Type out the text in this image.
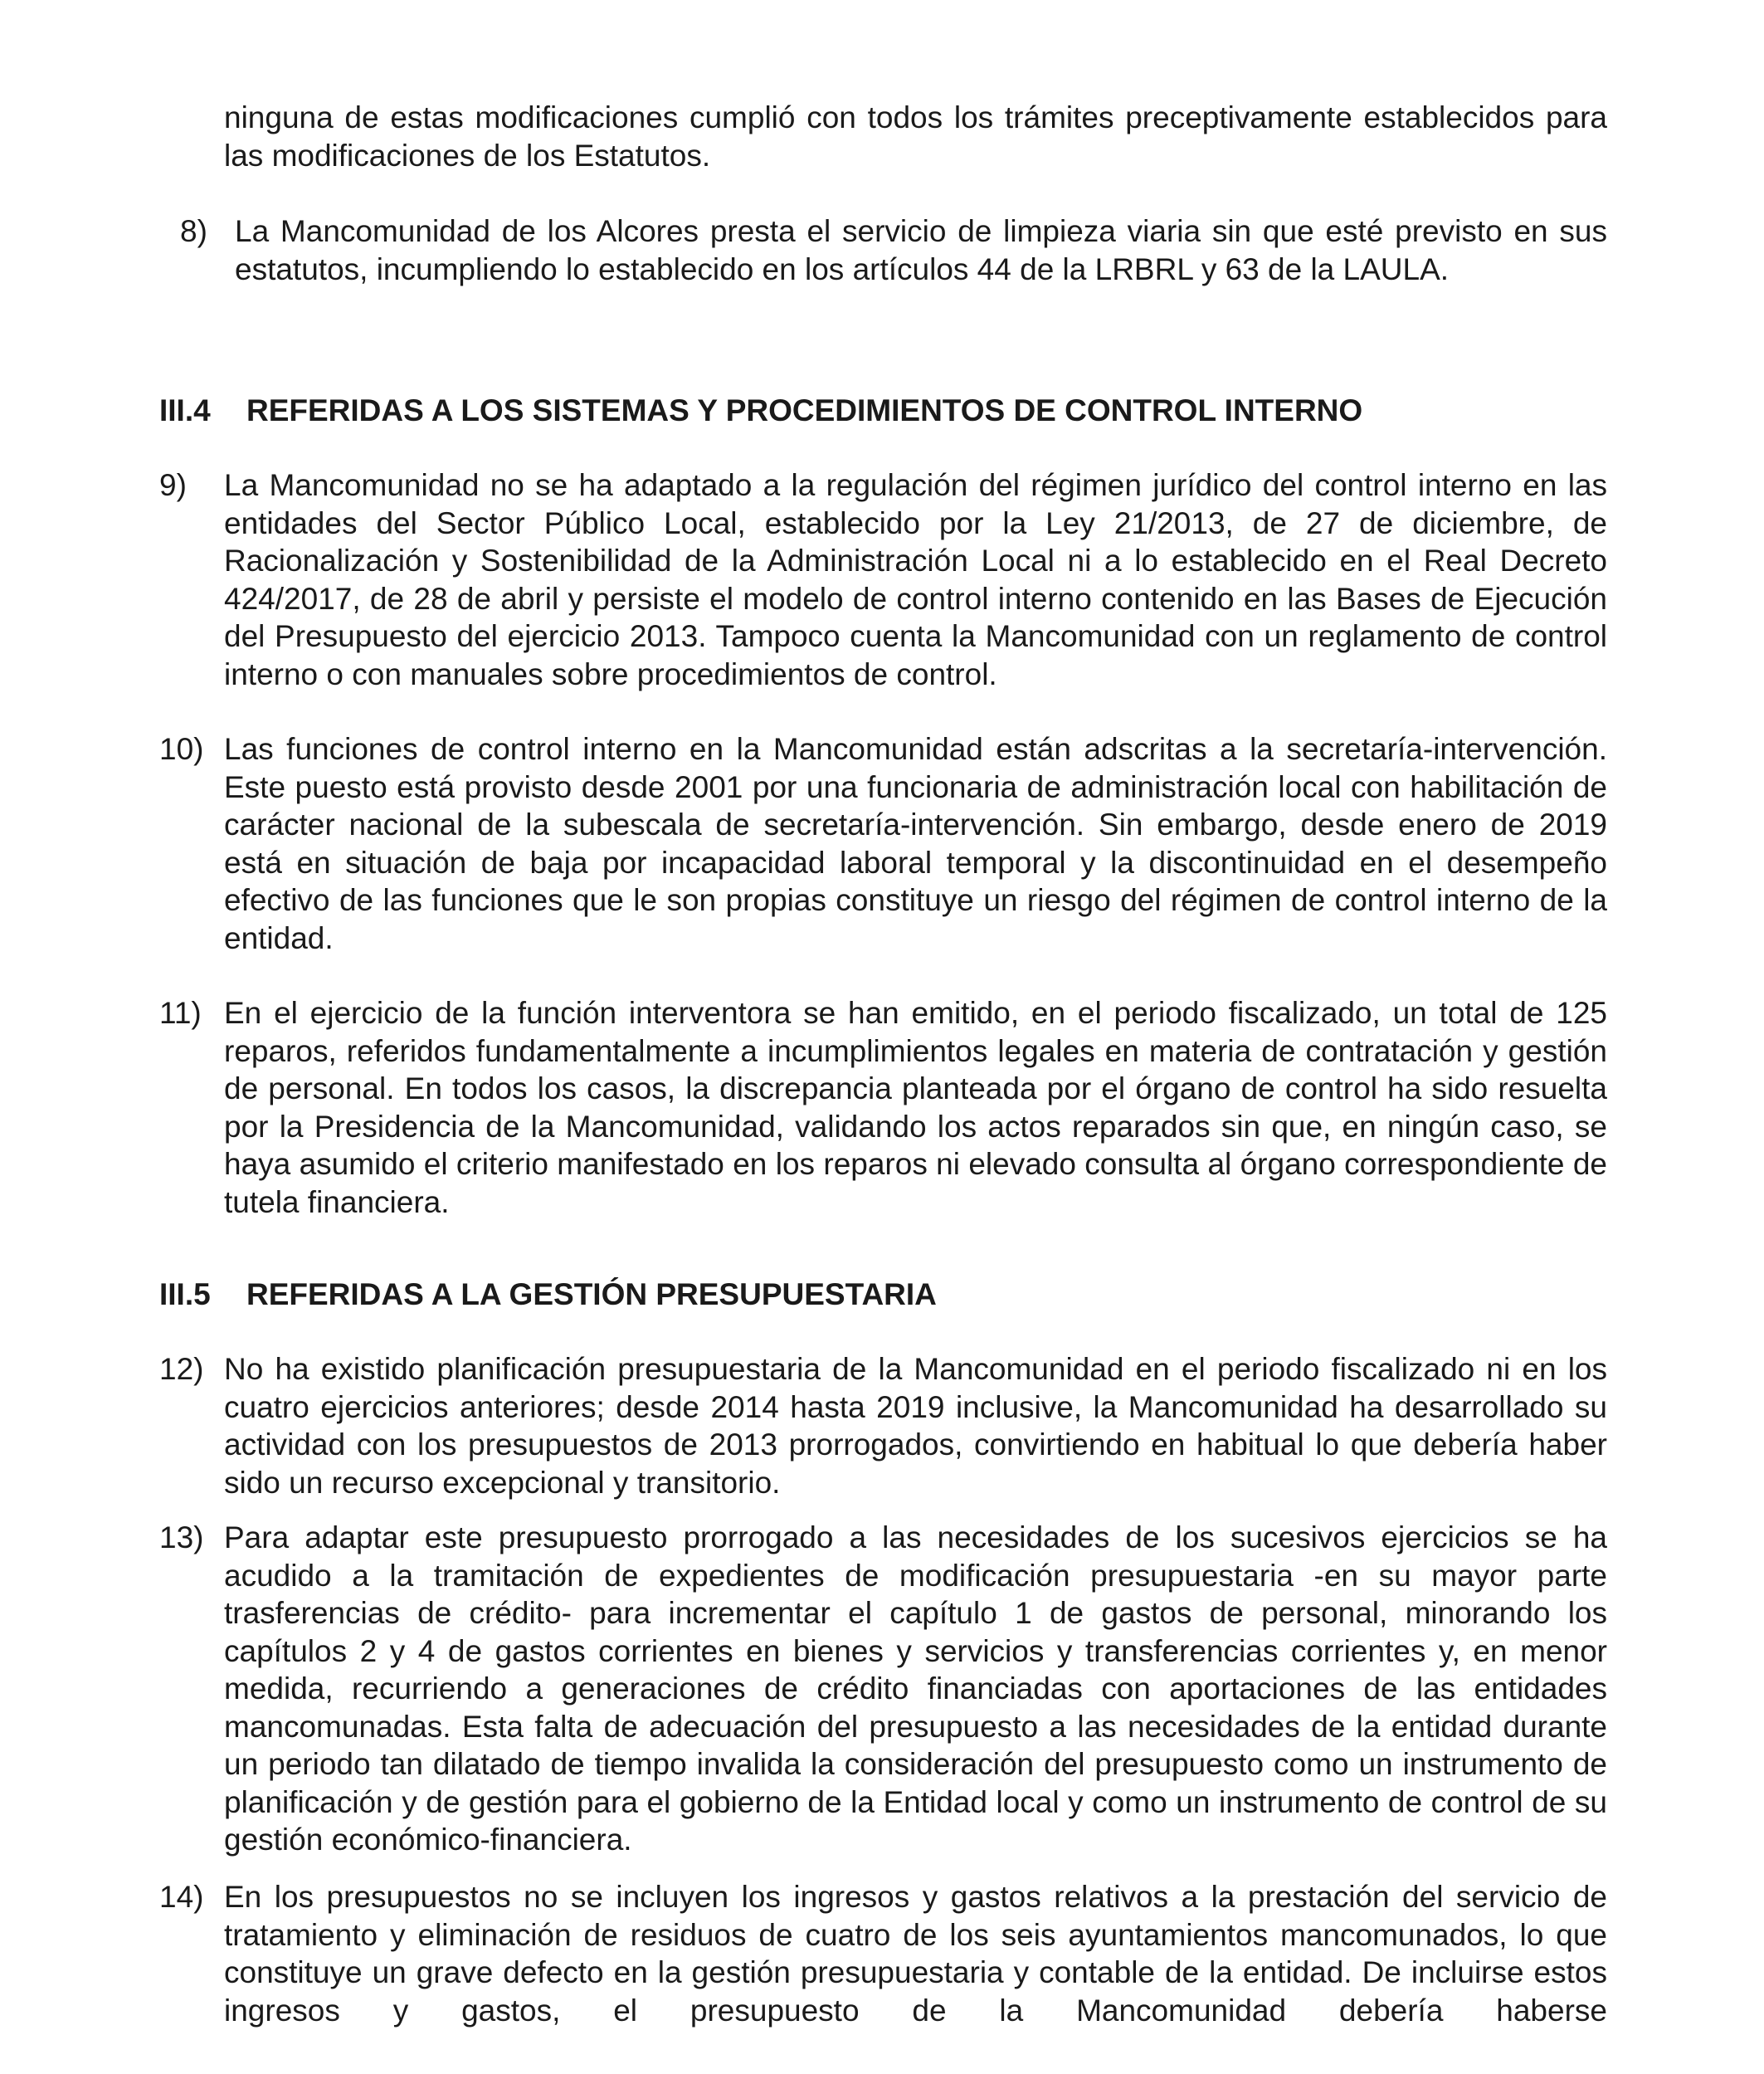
ninguna de estas modificaciones cumplió con todos los trámites preceptivamente establecidos para las modificaciones de los Estatutos.
8) La Mancomunidad de los Alcores presta el servicio de limpieza viaria sin que esté previsto en sus estatutos, incumpliendo lo establecido en los artículos 44 de la LRBRL y 63 de la LAULA.
III.4 REFERIDAS A LOS SISTEMAS Y PROCEDIMIENTOS DE CONTROL INTERNO
9) La Mancomunidad no se ha adaptado a la regulación del régimen jurídico del control interno en las entidades del Sector Público Local, establecido por la Ley 21/2013, de 27 de diciembre, de Racionalización y Sostenibilidad de la Administración Local ni a lo establecido en el Real Decreto 424/2017, de 28 de abril y persiste el modelo de control interno contenido en las Bases de Ejecución del Presupuesto del ejercicio 2013. Tampoco cuenta la Mancomunidad con un reglamento de control interno o con manuales sobre procedimientos de control.
10) Las funciones de control interno en la Mancomunidad están adscritas a la secretaría-intervención. Este puesto está provisto desde 2001 por una funcionaria de administración local con habilitación de carácter nacional de la subescala de secretaría-intervención. Sin embargo, desde enero de 2019 está en situación de baja por incapacidad laboral temporal y la discontinuidad en el desempeño efectivo de las funciones que le son propias constituye un riesgo del régimen de control interno de la entidad.
11) En el ejercicio de la función interventora se han emitido, en el periodo fiscalizado, un total de 125 reparos, referidos fundamentalmente a incumplimientos legales en materia de contratación y gestión de personal. En todos los casos, la discrepancia planteada por el órgano de control ha sido resuelta por la Presidencia de la Mancomunidad, validando los actos reparados sin que, en ningún caso, se haya asumido el criterio manifestado en los reparos ni elevado consulta al órgano correspondiente de tutela financiera.
III.5 REFERIDAS A LA GESTIÓN PRESUPUESTARIA
12) No ha existido planificación presupuestaria de la Mancomunidad en el periodo fiscalizado ni en los cuatro ejercicios anteriores; desde 2014 hasta 2019 inclusive, la Mancomunidad ha desarrollado su actividad con los presupuestos de 2013 prorrogados, convirtiendo en habitual lo que debería haber sido un recurso excepcional y transitorio.
13) Para adaptar este presupuesto prorrogado a las necesidades de los sucesivos ejercicios se ha acudido a la tramitación de expedientes de modificación presupuestaria -en su mayor parte trasferencias de crédito- para incrementar el capítulo 1 de gastos de personal, minorando los capítulos 2 y 4 de gastos corrientes en bienes y servicios y transferencias corrientes y, en menor medida, recurriendo a generaciones de crédito financiadas con aportaciones de las entidades mancomunadas. Esta falta de adecuación del presupuesto a las necesidades de la entidad durante un periodo tan dilatado de tiempo invalida la consideración del presupuesto como un instrumento de planificación y de gestión para el gobierno de la Entidad local y como un instrumento de control de su gestión económico-financiera.
14) En los presupuestos no se incluyen los ingresos y gastos relativos a la prestación del servicio de tratamiento y eliminación de residuos de cuatro de los seis ayuntamientos mancomunados, lo que constituye un grave defecto en la gestión presupuestaria y contable de la entidad. De incluirse estos ingresos y gastos, el presupuesto de la Mancomunidad debería haberse
